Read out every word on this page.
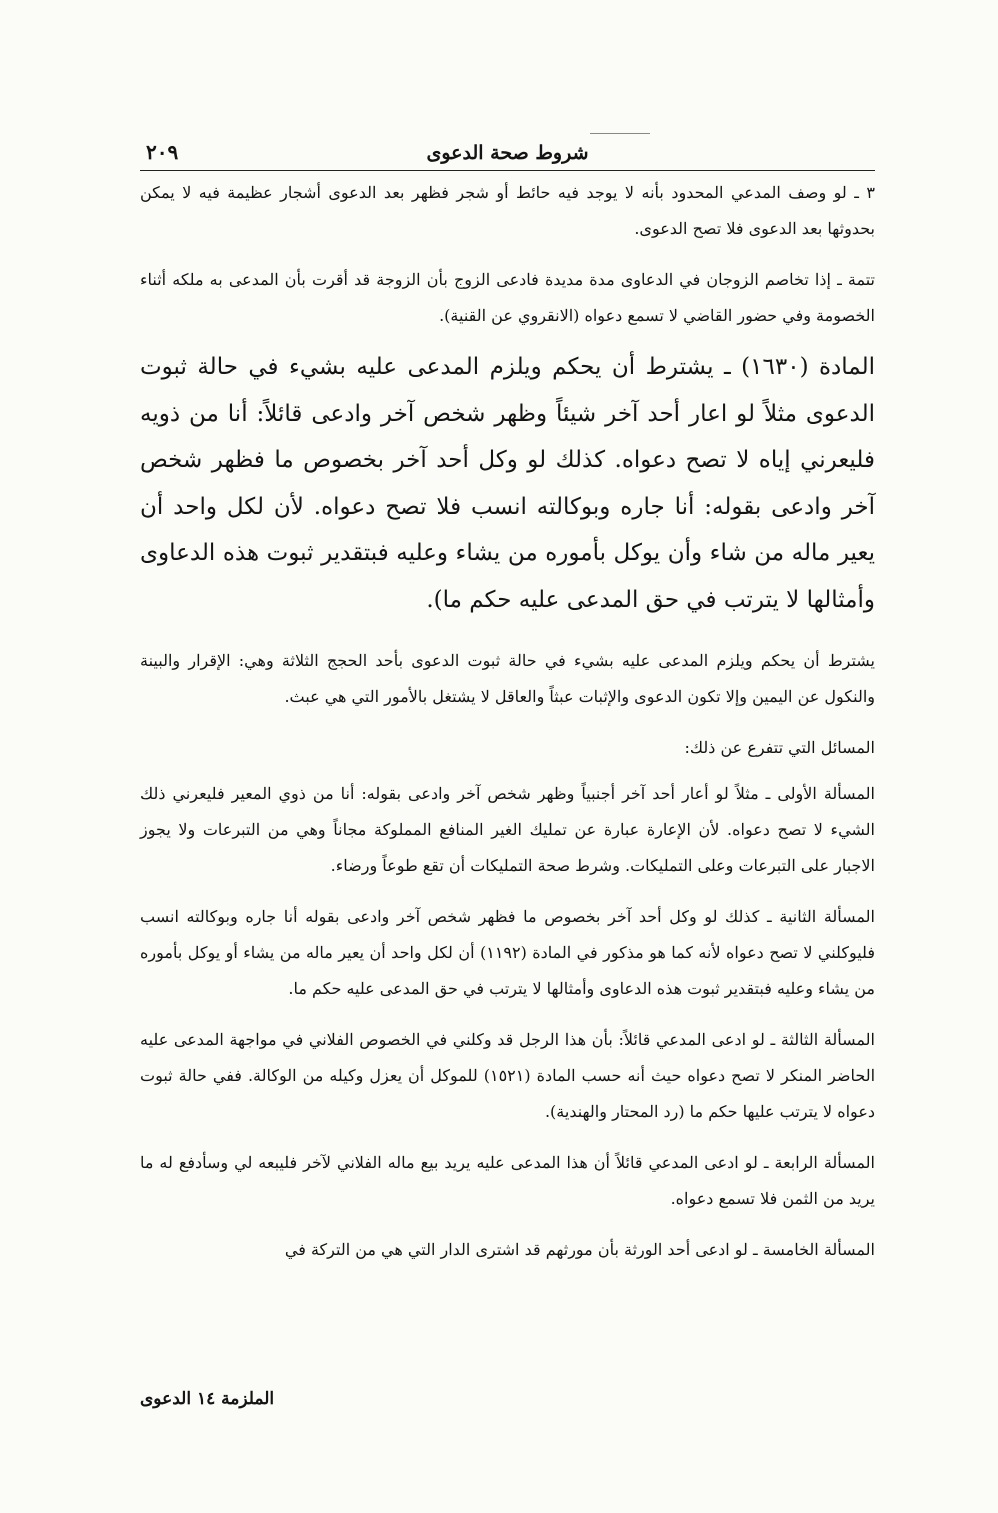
شروط صحة الدعوى
٢٠٩

٣ ـ لو وصف المدعي المحدود بأنه لا يوجد فيه حائط أو شجر فظهر بعد الدعوى أشجار عظيمة فيه لا يمكن بحدوثها بعد الدعوى فلا تصح الدعوى.

تتمة ـ إذا تخاصم الزوجان في الدعاوى مدة مديدة فادعى الزوج بأن الزوجة قد أقرت بأن المدعى به ملكه أثناء الخصومة وفي حضور القاضي لا تسمع دعواه (الانقروي عن القنية).

المادة (١٦٣٠) ـ يشترط أن يحكم ويلزم المدعى عليه بشيء في حالة ثبوت الدعوى مثلاً لو اعار أحد آخر شيئاً وظهر شخص آخر وادعى قائلاً: أنا من ذويه فليعرني إياه لا تصح دعواه. كذلك لو وكل أحد آخر بخصوص ما فظهر شخص آخر وادعى بقوله: أنا جاره وبوكالته انسب فلا تصح دعواه. لأن لكل واحد أن يعير ماله من شاء وأن يوكل بأموره من يشاء وعليه فبتقدير ثبوت هذه الدعاوى وأمثالها لا يترتب في حق المدعى عليه حكم ما).

يشترط أن يحكم ويلزم المدعى عليه بشيء في حالة ثبوت الدعوى بأحد الحجج الثلاثة وهي: الإقرار والبينة والنكول عن اليمين وإلا تكون الدعوى والإثبات عبثاً والعاقل لا يشتغل بالأمور التي هي عبث.

المسائل التي تتفرع عن ذلك:

المسألة الأولى ـ مثلاً لو أعار أحد آخر أجنبياً وظهر شخص آخر وادعى بقوله: أنا من ذوي المعير فليعرني ذلك الشيء لا تصح دعواه. لأن الإعارة عبارة عن تمليك الغير المنافع المملوكة مجاناً وهي من التبرعات ولا يجوز الاجبار على التبرعات وعلى التمليكات. وشرط صحة التمليكات أن تقع طوعاً ورضاء.

المسألة الثانية ـ كذلك لو وكل أحد آخر بخصوص ما فظهر شخص آخر وادعى بقوله أنا جاره وبوكالته انسب فليوكلني لا تصح دعواه لأنه كما هو مذكور في المادة (١١٩٢) أن لكل واحد أن يعير ماله من يشاء أو يوكل بأموره من يشاء وعليه فبتقدير ثبوت هذه الدعاوى وأمثالها لا يترتب في حق المدعى عليه حكم ما.

المسألة الثالثة ـ لو ادعى المدعي قائلاً: بأن هذا الرجل قد وكلني في الخصوص الفلاني في مواجهة المدعى عليه الحاضر المنكر لا تصح دعواه حيث أنه حسب المادة (١٥٢١) للموكل أن يعزل وكيله من الوكالة. ففي حالة ثبوت دعواه لا يترتب عليها حكم ما (رد المحتار والهندية).

المسألة الرابعة ـ لو ادعى المدعي قائلاً أن هذا المدعى عليه يريد بيع ماله الفلاني لآخر فليبعه لي وسأدفع له ما يريد من الثمن فلا تسمع دعواه.

المسألة الخامسة ـ لو ادعى أحد الورثة بأن مورثهم قد اشترى الدار التي هي من التركة في

الملزمة ١٤ الدعوى
